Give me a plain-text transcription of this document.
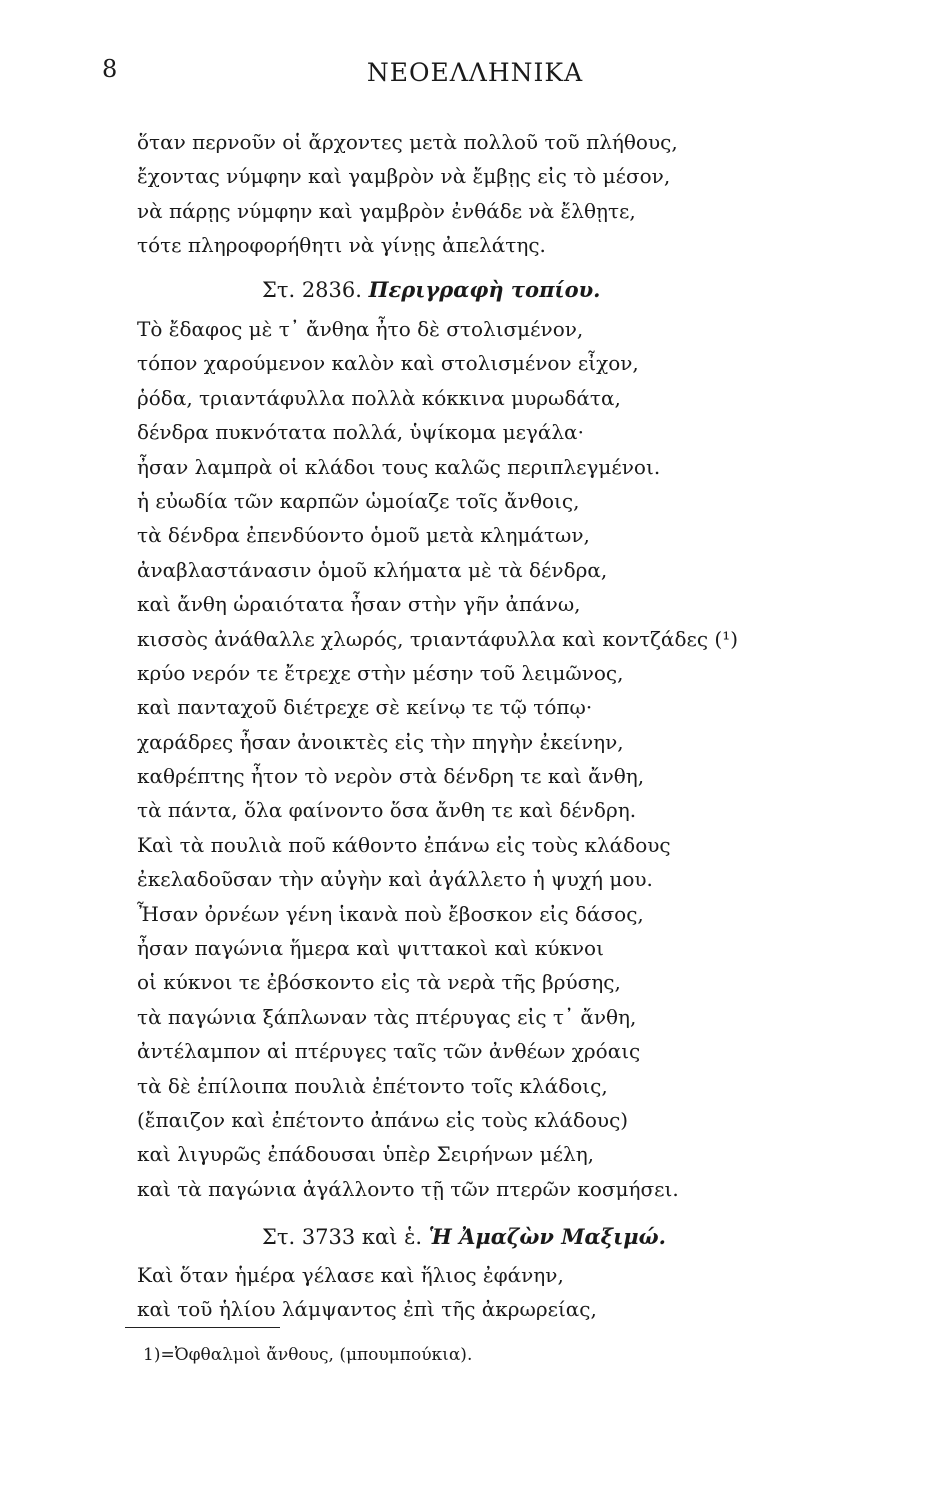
8	ΝΕΟΕΛΛΗΝΙΚΑ
ὅταν περνοῦν οἱ ἄρχοντες μετὰ πολλοῦ τοῦ πλήθους,
ἔχοντας νύμφην καὶ γαμβρὸν νὰ ἔμβῃς εἰς τὸ μέσον,
νὰ πάρῃς νύμφην καὶ γαμβρὸν ἐνθάδε νὰ ἔλθῃτε,
τότε πληροφορήθητι νὰ γίνῃς ἀπελάτης.
Στ. 2836. Περιγραφὴ τοπίου.
Τὸ ἔδαφος μὲ τ᾽ ἄνθηα ἦτο δὲ στολισμένον,
τόπον χαρούμενον καλὸν καὶ στολισμένον εἶχον,
ῥόδα, τριαντάφυλλα πολλὰ κόκκινα μυρωδάτα,
δένδρα πυκνότατα πολλά, ὑψίκομα μεγάλα·
ἦσαν λαμπρὰ οἱ κλάδοι τους καλῶς περιπλεγμένοι.
ἡ εὐωδία τῶν καρπῶν ὡμοίαζε τοῖς ἄνθοις,
τὰ δένδρα ἐπενδύοντο ὁμοῦ μετὰ κλημάτων,
ἀναβλαστάνασιν ὁμοῦ κλήματα μὲ τὰ δένδρα,
καὶ ἄνθη ὡραιότατα ἦσαν στὴν γῆν ἀπάνω,
κισσὸς ἀνάθαλλε χλωρός, τριαντάφυλλα καὶ κοντζάδες (¹)
κρύο νερόν τε ἔτρεχε στὴν μέσην τοῦ λειμῶνος,
καὶ πανταχοῦ διέτρεχε σὲ κείνῳ τε τῷ τόπῳ·
χαράδρες ἦσαν ἀνοικτὲς εἰς τὴν πηγὴν ἐκείνην,
καθρέπτης ἦτον τὸ νερὸν στὰ δένδρη τε καὶ ἄνθη,
τὰ πάντα, ὅλα φαίνοντο ὅσα ἄνθη τε καὶ δένδρη.
Καὶ τὰ πουλιὰ ποῦ κάθοντο ἐπάνω εἰς τοὺς κλάδους
ἐκελαδοῦσαν τὴν αὐγὴν καὶ ἀγάλλετο ἡ ψυχή μου.
Ἦσαν ὀρνέων γένη ἱκανὰ ποὺ ἔβοσκον εἰς δάσος,
ἦσαν παγώνια ἥμερα καὶ ψιττακοὶ καὶ κύκνοι
οἱ κύκνοι τε ἐβόσκοντο εἰς τὰ νερὰ τῆς βρύσης,
τὰ παγώνια ξάπλωναν τὰς πτέρυγας εἰς τ᾽ ἄνθη,
ἀντέλαμπον αἱ πτέρυγες ταῖς τῶν ἀνθέων χρόαις
τὰ δὲ ἐπίλοιπα πουλιὰ ἐπέτοντο τοῖς κλάδοις,
(ἔπαιζον καὶ ἐπέτοντο ἀπάνω εἰς τοὺς κλάδους)
καὶ λιγυρῶς ἐπάδουσαι ὑπὲρ Σειρήνων μέλη,
καὶ τὰ παγώνια ἀγάλλοντο τῇ τῶν πτερῶν κοσμήσει.
Στ. 3733 καὶ ἑ. Ἡ Ἀμαζὼν Μαξιμώ.
Καὶ ὅταν ἡμέρα γέλασε καὶ ἥλιος ἐφάνην,
καὶ τοῦ ἡλίου λάμψαντος ἐπὶ τῆς ἀκρωρείας,
1)=Ὀφθαλμοὶ ἄνθους, (μπουμπούκια).
